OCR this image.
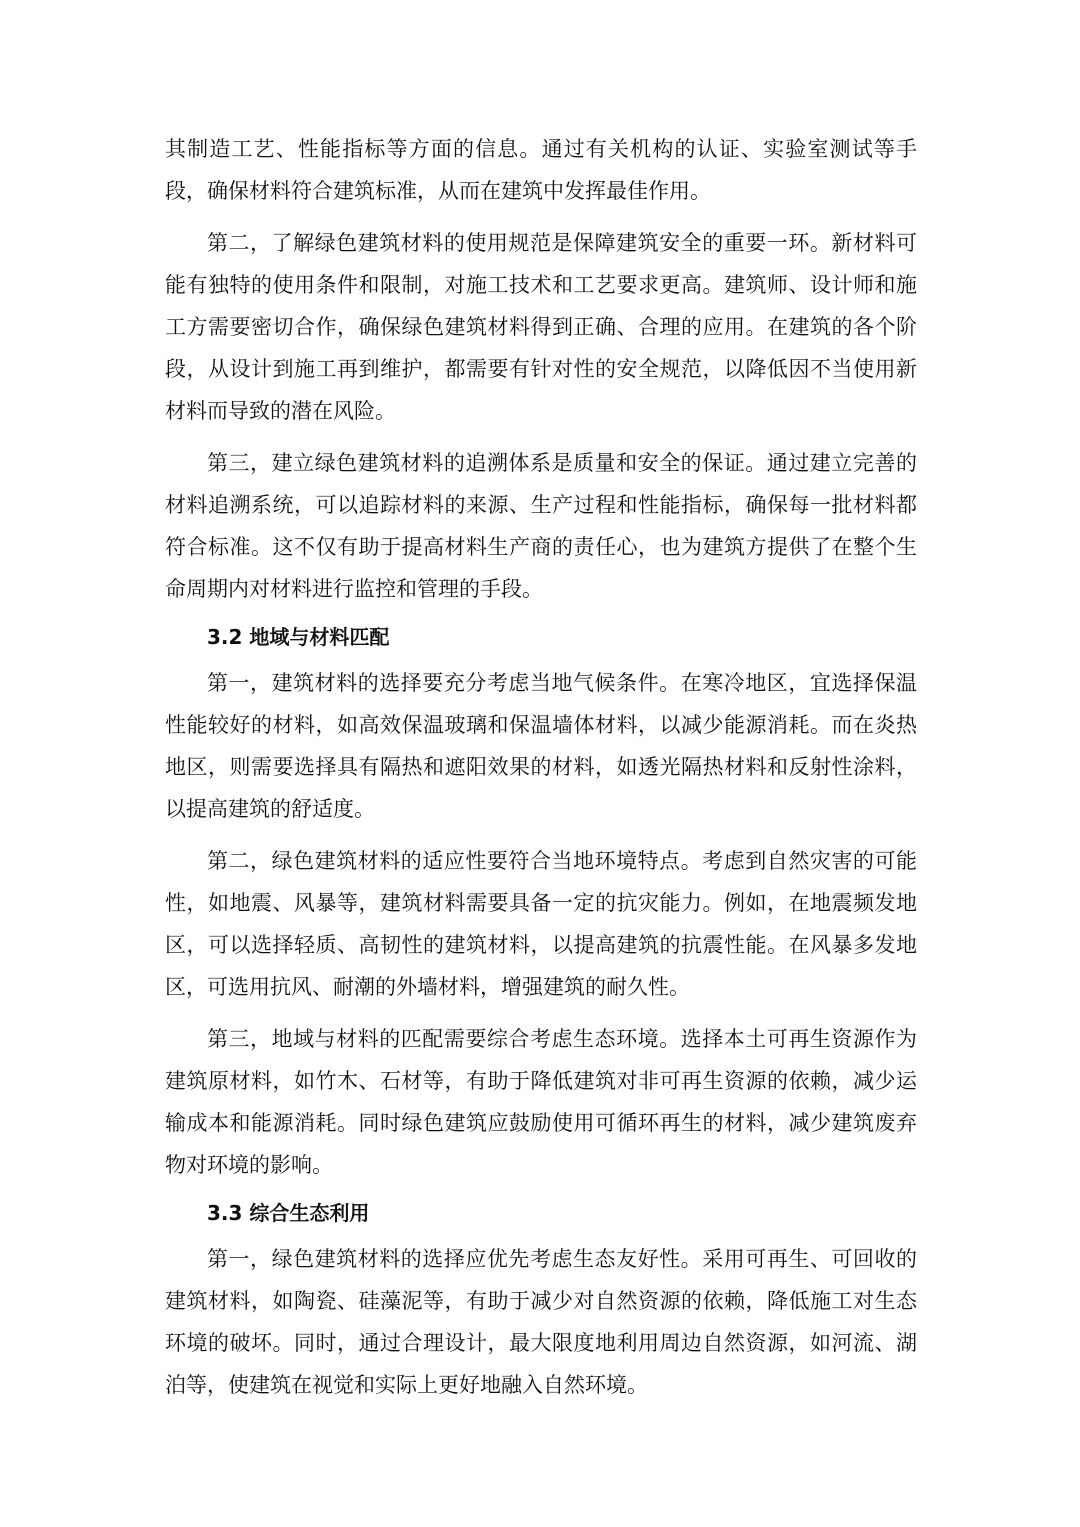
其制造工艺、性能指标等方面的信息。通过有关机构的认证、实验室测试等手段，确保材料符合建筑标准，从而在建筑中发挥最佳作用。

第二，了解绿色建筑材料的使用规范是保障建筑安全的重要一环。新材料可能有独特的使用条件和限制，对施工技术和工艺要求更高。建筑师、设计师和施工方需要密切合作，确保绿色建筑材料得到正确、合理的应用。在建筑的各个阶段，从设计到施工再到维护，都需要有针对性的安全规范，以降低因不当使用新材料而导致的潜在风险。

第三，建立绿色建筑材料的追溯体系是质量和安全的保证。通过建立完善的材料追溯系统，可以追踪材料的来源、生产过程和性能指标，确保每一批材料都符合标准。这不仅有助于提高材料生产商的责任心，也为建筑方提供了在整个生命周期内对材料进行监控和管理的手段。

3.2 地域与材料匹配

第一，建筑材料的选择要充分考虑当地气候条件。在寒冷地区，宜选择保温性能较好的材料，如高效保温玻璃和保温墙体材料，以减少能源消耗。而在炎热地区，则需要选择具有隔热和遮阳效果的材料，如透光隔热材料和反射性涂料，以提高建筑的舒适度。

第二，绿色建筑材料的适应性要符合当地环境特点。考虑到自然灾害的可能性，如地震、风暴等，建筑材料需要具备一定的抗灾能力。例如，在地震频发地区，可以选择轻质、高韧性的建筑材料，以提高建筑的抗震性能。在风暴多发地区，可选用抗风、耐潮的外墙材料，增强建筑的耐久性。

第三，地域与材料的匹配需要综合考虑生态环境。选择本土可再生资源作为建筑原材料，如竹木、石材等，有助于降低建筑对非可再生资源的依赖，减少运输成本和能源消耗。同时绿色建筑应鼓励使用可循环再生的材料，减少建筑废弃物对环境的影响。

3.3 综合生态利用

第一，绿色建筑材料的选择应优先考虑生态友好性。采用可再生、可回收的建筑材料，如陶瓷、硅藻泥等，有助于减少对自然资源的依赖，降低施工对生态环境的破坏。同时，通过合理设计，最大限度地利用周边自然资源，如河流、湖泊等，使建筑在视觉和实际上更好地融入自然环境。
